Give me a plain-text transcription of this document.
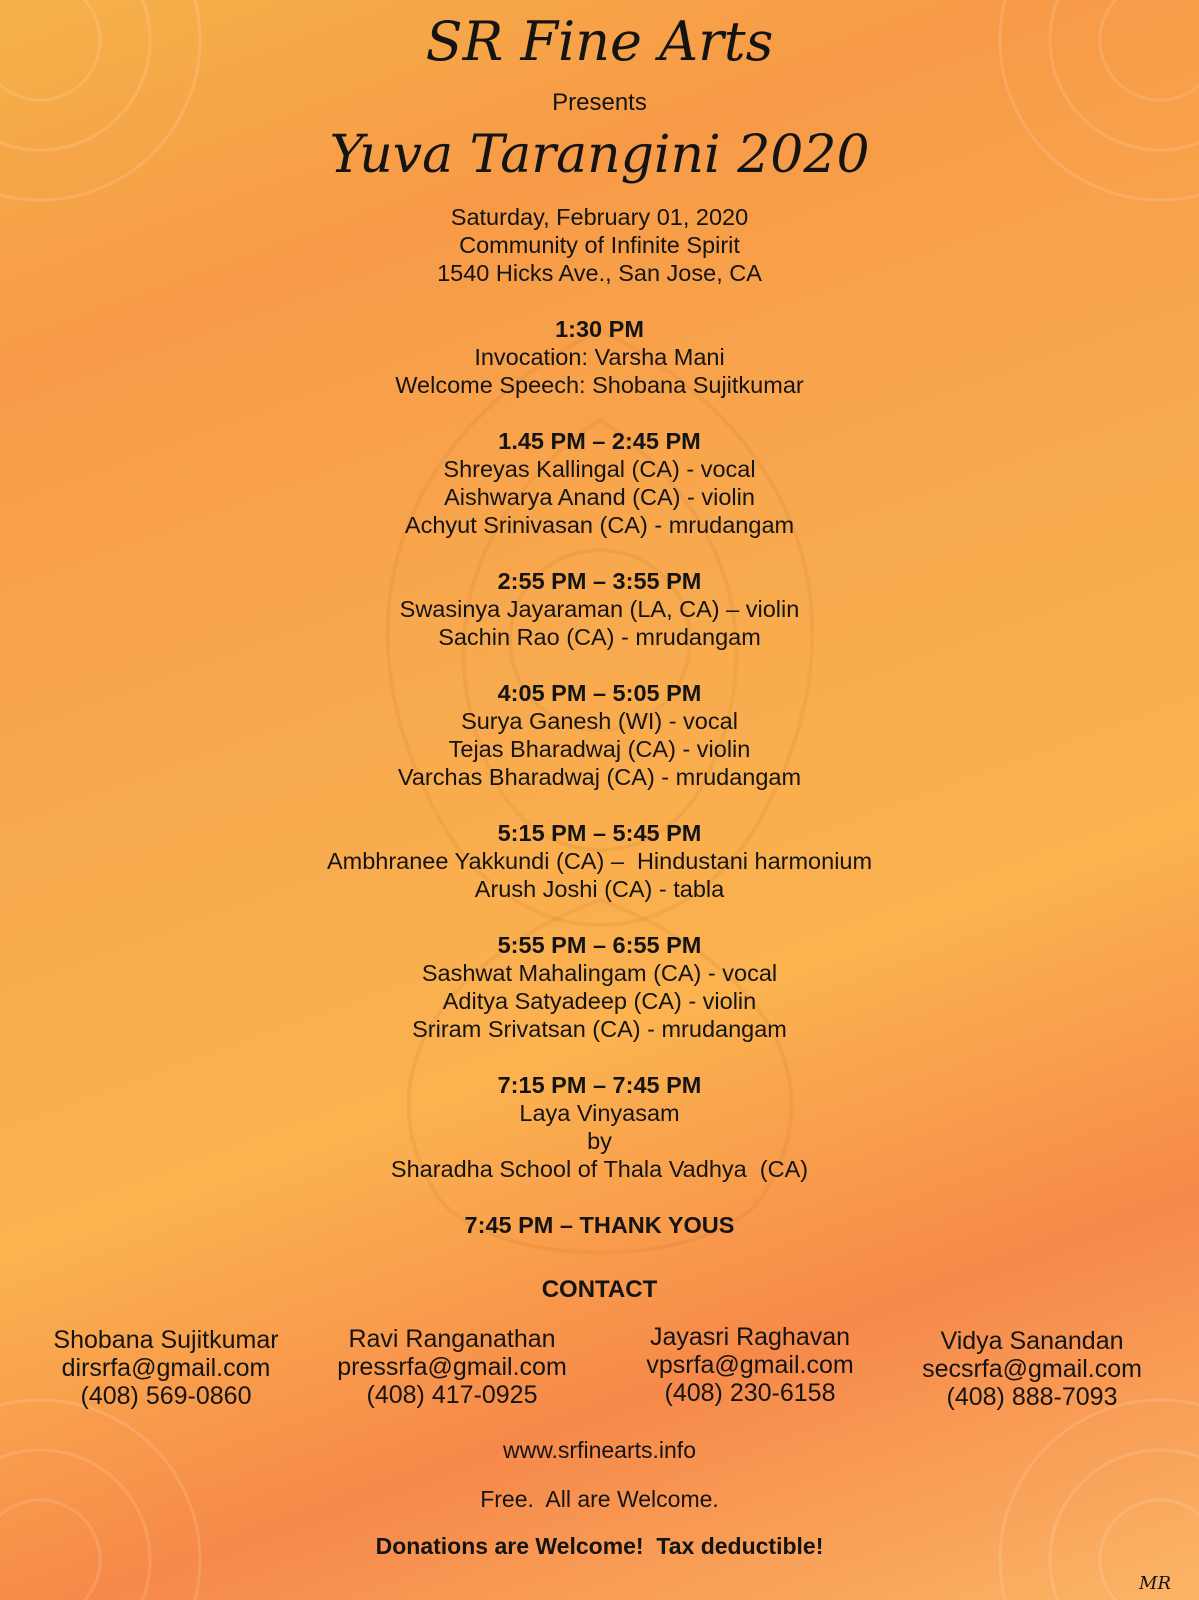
SR Fine Arts
Presents
Yuva Tarangini 2020
Saturday, February 01, 2020
Community of Infinite Spirit
1540 Hicks Ave., San Jose, CA
1:30 PM
Invocation: Varsha Mani
Welcome Speech: Shobana Sujitkumar
1.45 PM – 2:45 PM
Shreyas Kallingal (CA) - vocal
Aishwarya Anand (CA) - violin
Achyut Srinivasan (CA) - mrudangam
2:55 PM – 3:55 PM
Swasinya Jayaraman (LA, CA) – violin
Sachin Rao (CA) - mrudangam
4:05 PM – 5:05 PM
Surya Ganesh (WI) - vocal
Tejas Bharadwaj (CA) - violin
Varchas Bharadwaj (CA) - mrudangam
5:15 PM – 5:45 PM
Ambhranee Yakkundi (CA) –  Hindustani harmonium
Arush Joshi (CA) - tabla
5:55 PM – 6:55 PM
Sashwat Mahalingam (CA) - vocal
Aditya Satyadeep (CA) - violin
Sriram Srivatsan (CA) - mrudangam
7:15 PM – 7:45 PM
Laya Vinyasam
by
Sharadha School of Thala Vadhya  (CA)
7:45 PM – THANK YOUS
CONTACT
Shobana Sujitkumar
dirsrfa@gmail.com
(408) 569-0860
Ravi Ranganathan
pressrfa@gmail.com
(408) 417-0925
Jayasri Raghavan
vpsrfa@gmail.com
(408) 230-6158
Vidya Sanandan
secsrfa@gmail.com
(408) 888-7093
www.srfinearts.info
Free.  All are Welcome.
Donations are Welcome!  Tax deductible!
MR
